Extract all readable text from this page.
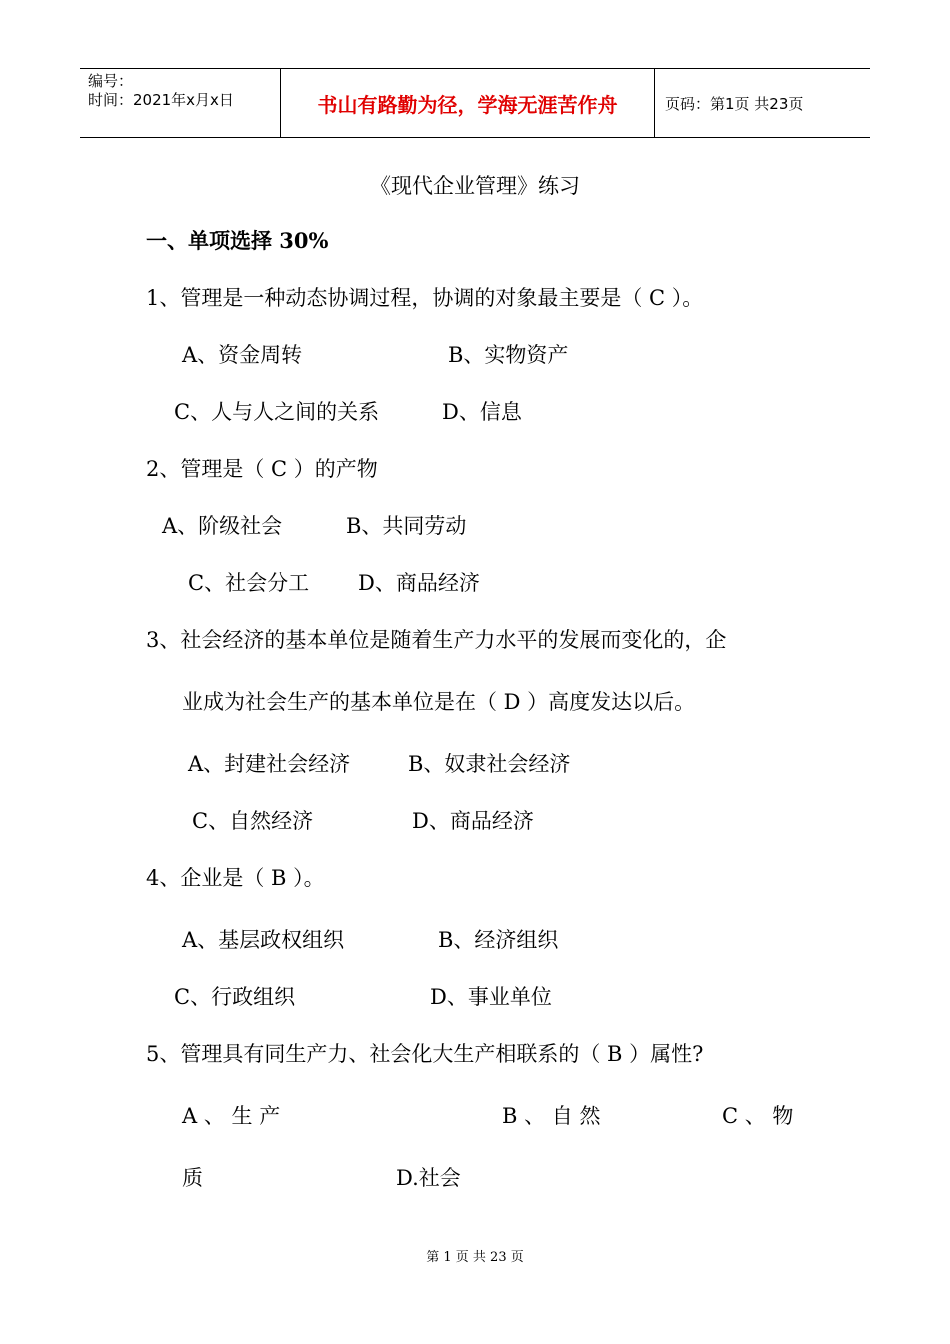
编号：
时间：2021年x月x日	书山有路勤为径，学海无涯苦作舟	页码：第1页 共23页
《现代企业管理》练习
一、单项选择 30%
1、管理是一种动态协调过程，协调的对象最主要是（ C ）。
A、资金周转	B、实物资产
C、人与人之间的关系	D、信息
2、管理是（ C ）的产物
A、阶级社会	B、共同劳动
C、社会分工 D、商品经济
3、社会经济的基本单位是随着生产力水平的发展而变化的，企
业成为社会生产的基本单位是在（ D ）高度发达以后。
A、封建社会经济	B、奴隶社会经济
C、自然经济	D、商品经济
4、企业是（ B ）。
A、基层政权组织	B、经济组织
C、行政组织	D、事业单位
5、管理具有同生产力、社会化大生产相联系的（ B ）属性?
A 、 生 产	B 、 自 然	C 、 物
质	D.社会
第 1 页 共 23 页
